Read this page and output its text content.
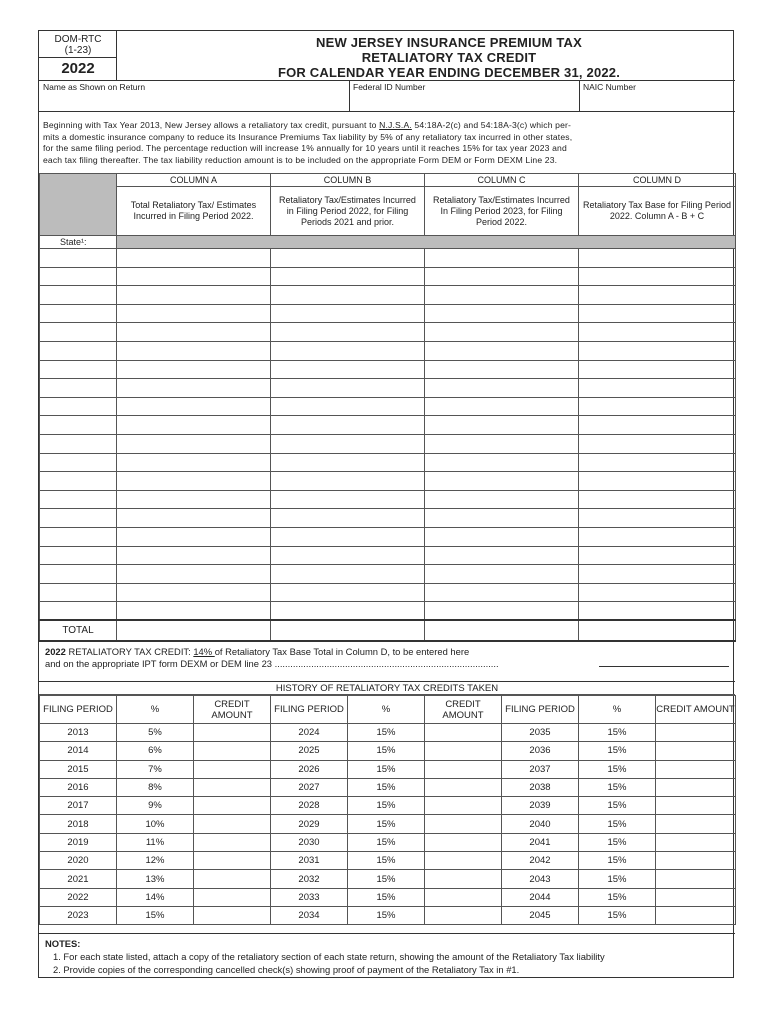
DOM-RTC
(1-23)
2022
NEW JERSEY INSURANCE PREMIUM TAX
RETALIATORY TAX CREDIT
FOR CALENDAR YEAR ENDING DECEMBER 31, 2022.
Name as Shown on Return	Federal ID Number	NAIC Number
Beginning with Tax Year 2013, New Jersey allows a retaliatory tax credit, pursuant to N.J.S.A. 54:18A-2(c) and 54:18A-3(c) which per-
mits a domestic insurance company to reduce its Insurance Premiums Tax liability by 5% of any retaliatory tax incurred in other states,
for the same filing period. The percentage reduction will increase 1% annually for 10 years until it reaches 15% for tax year 2023 and
each tax filing thereafter. The tax liability reduction amount is to be included on the appropriate Form DEM or Form DEXM Line 23.
	COLUMN A	COLUMN B	COLUMN C	COLUMN D
	Total Retaliatory Tax/ Estimates Incurred in Filing Period 2022.	Retaliatory Tax/Estimates Incurred in Filing Period 2022, for Filing Periods 2021 and prior.	Retaliatory Tax/Estimates Incurred In Filing Period 2023, for Filing Period 2022.	Retaliatory Tax Base for Filing Period 2022. Column A - B + C
State¹:				

TOTAL				
2022 RETALIATORY TAX CREDIT: 14% of Retaliatory Tax Base Total in Column D, to be entered here
and on the appropriate IPT form DEXM or DEM line 23 ......................................................................................
HISTORY OF RETALIATORY TAX CREDITS TAKEN
FILING PERIOD	%	CREDIT AMOUNT	FILING PERIOD	%	CREDIT AMOUNT	FILING PERIOD	%	CREDIT AMOUNT
2013	5%		2024	15%		2035	15%	
2014	6%		2025	15%		2036	15%	
2015	7%		2026	15%		2037	15%	
2016	8%		2027	15%		2038	15%	
2017	9%		2028	15%		2039	15%	
2018	10%		2029	15%		2040	15%	
2019	11%		2030	15%		2041	15%	
2020	12%		2031	15%		2042	15%	
2021	13%		2032	15%		2043	15%	
2022	14%		2033	15%		2044	15%	
2023	15%		2034	15%		2045	15%	
NOTES:
1. For each state listed, attach a copy of the retaliatory section of each state return, showing the amount of the Retaliatory Tax liability
2. Provide copies of the corresponding cancelled check(s) showing proof of payment of the Retaliatory Tax in #1.
